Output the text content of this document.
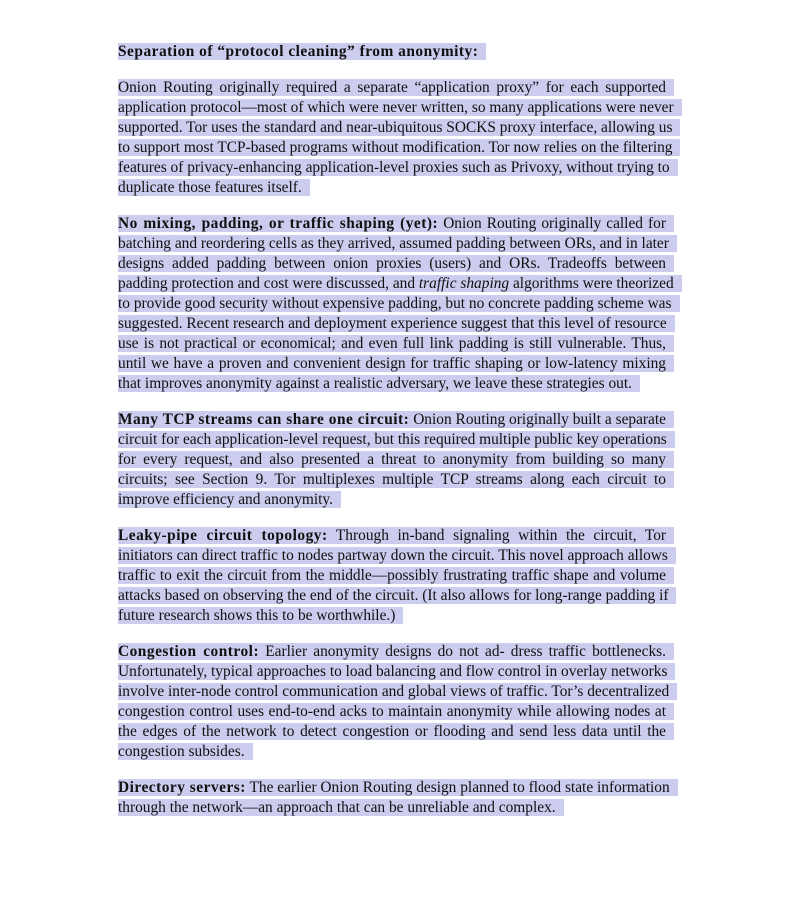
Separation of “protocol cleaning” from anonymity:

Onion Routing originally required a separate “application proxy” for each supported application protocol—most of which were never written, so many applications were never supported. Tor uses the standard and near-ubiquitous SOCKS proxy interface, allowing us to support most TCP-based programs without modification. Tor now relies on the filtering features of privacy-enhancing application-level proxies such as Privoxy, without trying to duplicate those features itself.

No mixing, padding, or traffic shaping (yet): Onion Routing originally called for batching and reordering cells as they arrived, assumed padding between ORs, and in later designs added padding between onion proxies (users) and ORs. Tradeoffs between padding protection and cost were discussed, and traffic shaping algorithms were theorized to provide good security without expensive padding, but no concrete padding scheme was suggested. Recent research and deployment experience suggest that this level of resource use is not practical or economical; and even full link padding is still vulnerable. Thus, until we have a proven and convenient design for traffic shaping or low-latency mixing that improves anonymity against a realistic adversary, we leave these strategies out.

Many TCP streams can share one circuit: Onion Routing originally built a separate circuit for each application-level request, but this required multiple public key operations for every request, and also presented a threat to anonymity from building so many circuits; see Section 9. Tor multiplexes multiple TCP streams along each circuit to improve efficiency and anonymity.

Leaky-pipe circuit topology: Through in-band signaling within the circuit, Tor initiators can direct traffic to nodes partway down the circuit. This novel approach allows traffic to exit the circuit from the middle—possibly frustrating traffic shape and volume attacks based on observing the end of the circuit. (It also allows for long-range padding if future research shows this to be worthwhile.)

Congestion control: Earlier anonymity designs do not ad- dress traffic bottlenecks. Unfortunately, typical approaches to load balancing and flow control in overlay networks involve inter-node control communication and global views of traffic. Tor’s decentralized congestion control uses end-to-end acks to maintain anonymity while allowing nodes at the edges of the network to detect congestion or flooding and send less data until the congestion subsides.

Directory servers: The earlier Onion Routing design planned to flood state information through the network—an approach that can be unreliable and complex.
